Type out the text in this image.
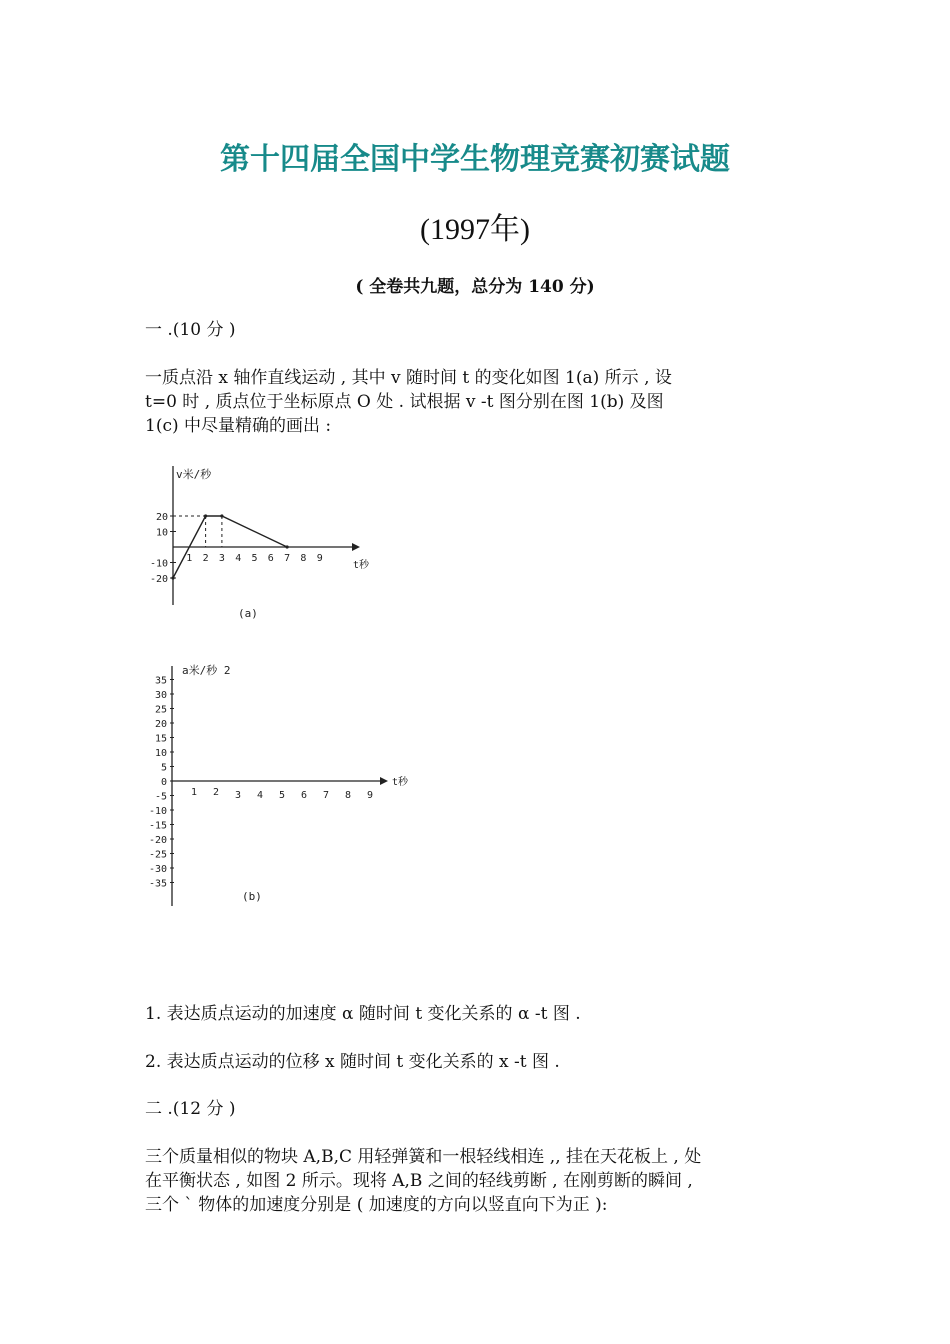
第十四届全国中学生物理竞赛初赛试题
(1997年)
( 全卷共九题，总分为 140 分)
一 .(10 分 )
一质点沿 x 轴作直线运动 , 其中 v 随时间 t 的变化如图 1(a) 所示 , 设
t=0 时 , 质点位于坐标原点 O 处 . 试根据 v -t 图分别在图 1(b) 及图
1(c) 中尽量精确的画出 :
v米/秒
t秒
1 2 3 4 5 6 7 8 9
20
10
-10
-20
(a)
a米/秒 2
t秒
1 2 3 4 5 6 7 8 9
35
30
25
20
15
10
5
0
-5
-10
-15
-20
-25
-30
-35
(b)
1. 表达质点运动的加速度 α 随时间 t 变化关系的 α -t 图 .
2. 表达质点运动的位移 x 随时间 t 变化关系的 x -t 图 .
二 .(12 分 )
三个质量相似的物块 A,B,C 用轻弹簧和一根轻线相连 ,, 挂在天花板上 , 处
在平衡状态 , 如图 2 所示。现将 A,B 之间的轻线剪断 , 在刚剪断的瞬间 ,
三个 ` 物体的加速度分别是 ( 加速度的方向以竖直向下为正 ):
